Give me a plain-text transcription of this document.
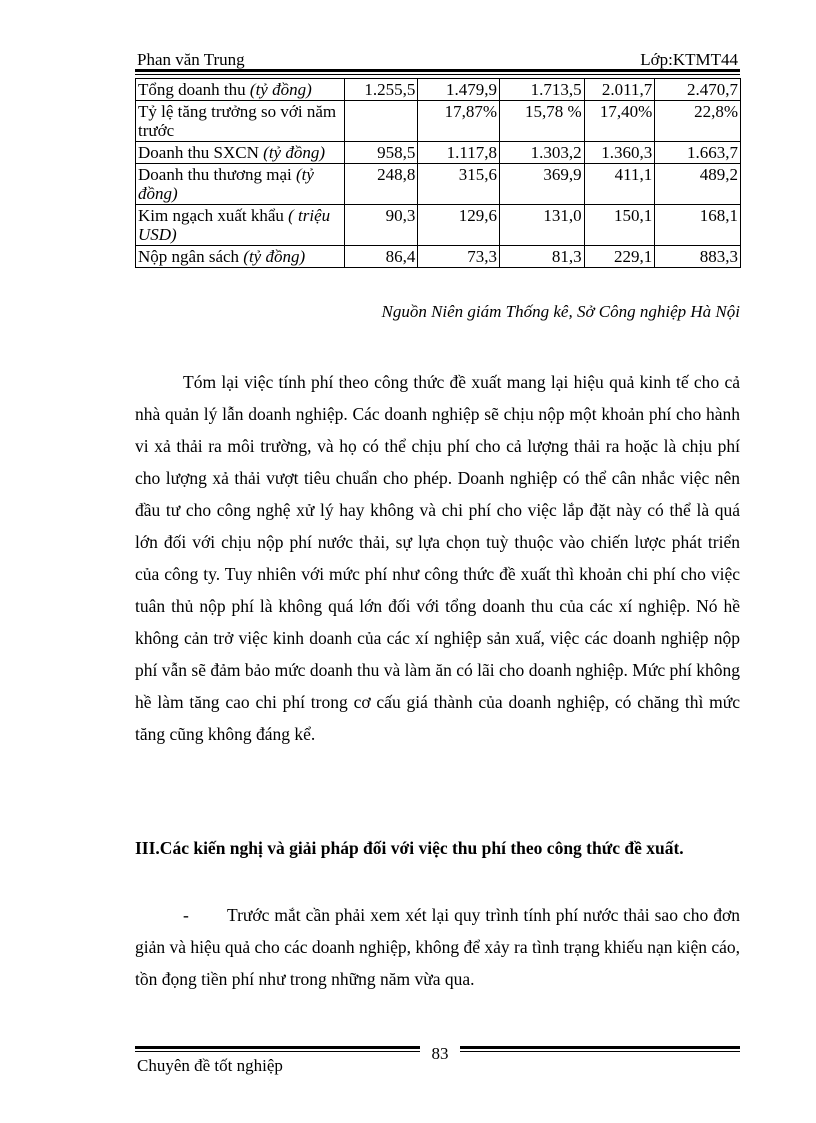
Phan văn Trung	Lớp:KTMT44
Tổng doanh thu (tỷ đồng)	1.255,5	1.479,9	1.713,5	2.011,7	2.470,7
Tỷ lệ tăng trưởng so với năm trước		17,87%	15,78 %	17,40%	22,8%
Doanh thu SXCN (tỷ đồng)	958,5	1.117,8	1.303,2	1.360,3	1.663,7
Doanh thu thương mại (tỷ đồng)	248,8	315,6	369,9	411,1	489,2
Kim ngạch xuất khẩu ( triệu USD)	90,3	129,6	131,0	150,1	168,1
Nộp ngân sách (tỷ đồng)	86,4	73,3	81,3	229,1	883,3
Nguồn Niên giám Thống kê, Sở Công nghiệp Hà Nội
Tóm lại việc tính phí theo công thức đề xuất mang lại hiệu quả kinh tế cho cả nhà quản lý lẫn doanh nghiệp. Các doanh nghiệp sẽ chịu nộp một khoản phí cho hành vi xả thải ra môi trường, và họ có thể chịu phí cho cả lượng thải ra hoặc là chịu phí cho lượng xả thải vượt tiêu chuẩn cho phép. Doanh nghiệp có thể cân nhắc việc nên đầu tư cho công nghệ xử lý hay không và chi phí cho việc lắp đặt này có thể là quá lớn đối với chịu nộp phí nước thải, sự lựa chọn tuỳ thuộc vào chiến lược phát triển của công ty. Tuy nhiên với mức phí như công thức đề xuất thì khoản chi phí cho việc tuân thủ nộp phí là không quá lớn đối với tổng doanh thu của các xí nghiệp. Nó hề không cản trở việc kinh doanh của các xí nghiệp sản xuấ, việc các doanh nghiệp nộp phí vẫn sẽ đảm bảo mức doanh thu và làm ăn có lãi cho doanh nghiệp. Mức phí không hề làm tăng cao chi phí trong cơ cấu giá thành của doanh nghiệp, có chăng thì mức tăng cũng không đáng kể.
III.Các kiến nghị và giải pháp đối với việc thu phí theo công thức đề xuất.
- Trước mắt cần phải xem xét lại quy trình tính phí nước thải sao cho đơn giản và hiệu quả cho các doanh nghiệp, không để xảy ra tình trạng khiếu nạn kiện cáo, tồn đọng tiền phí như trong những năm vừa qua.
83
Chuyên đề tốt nghiệp
